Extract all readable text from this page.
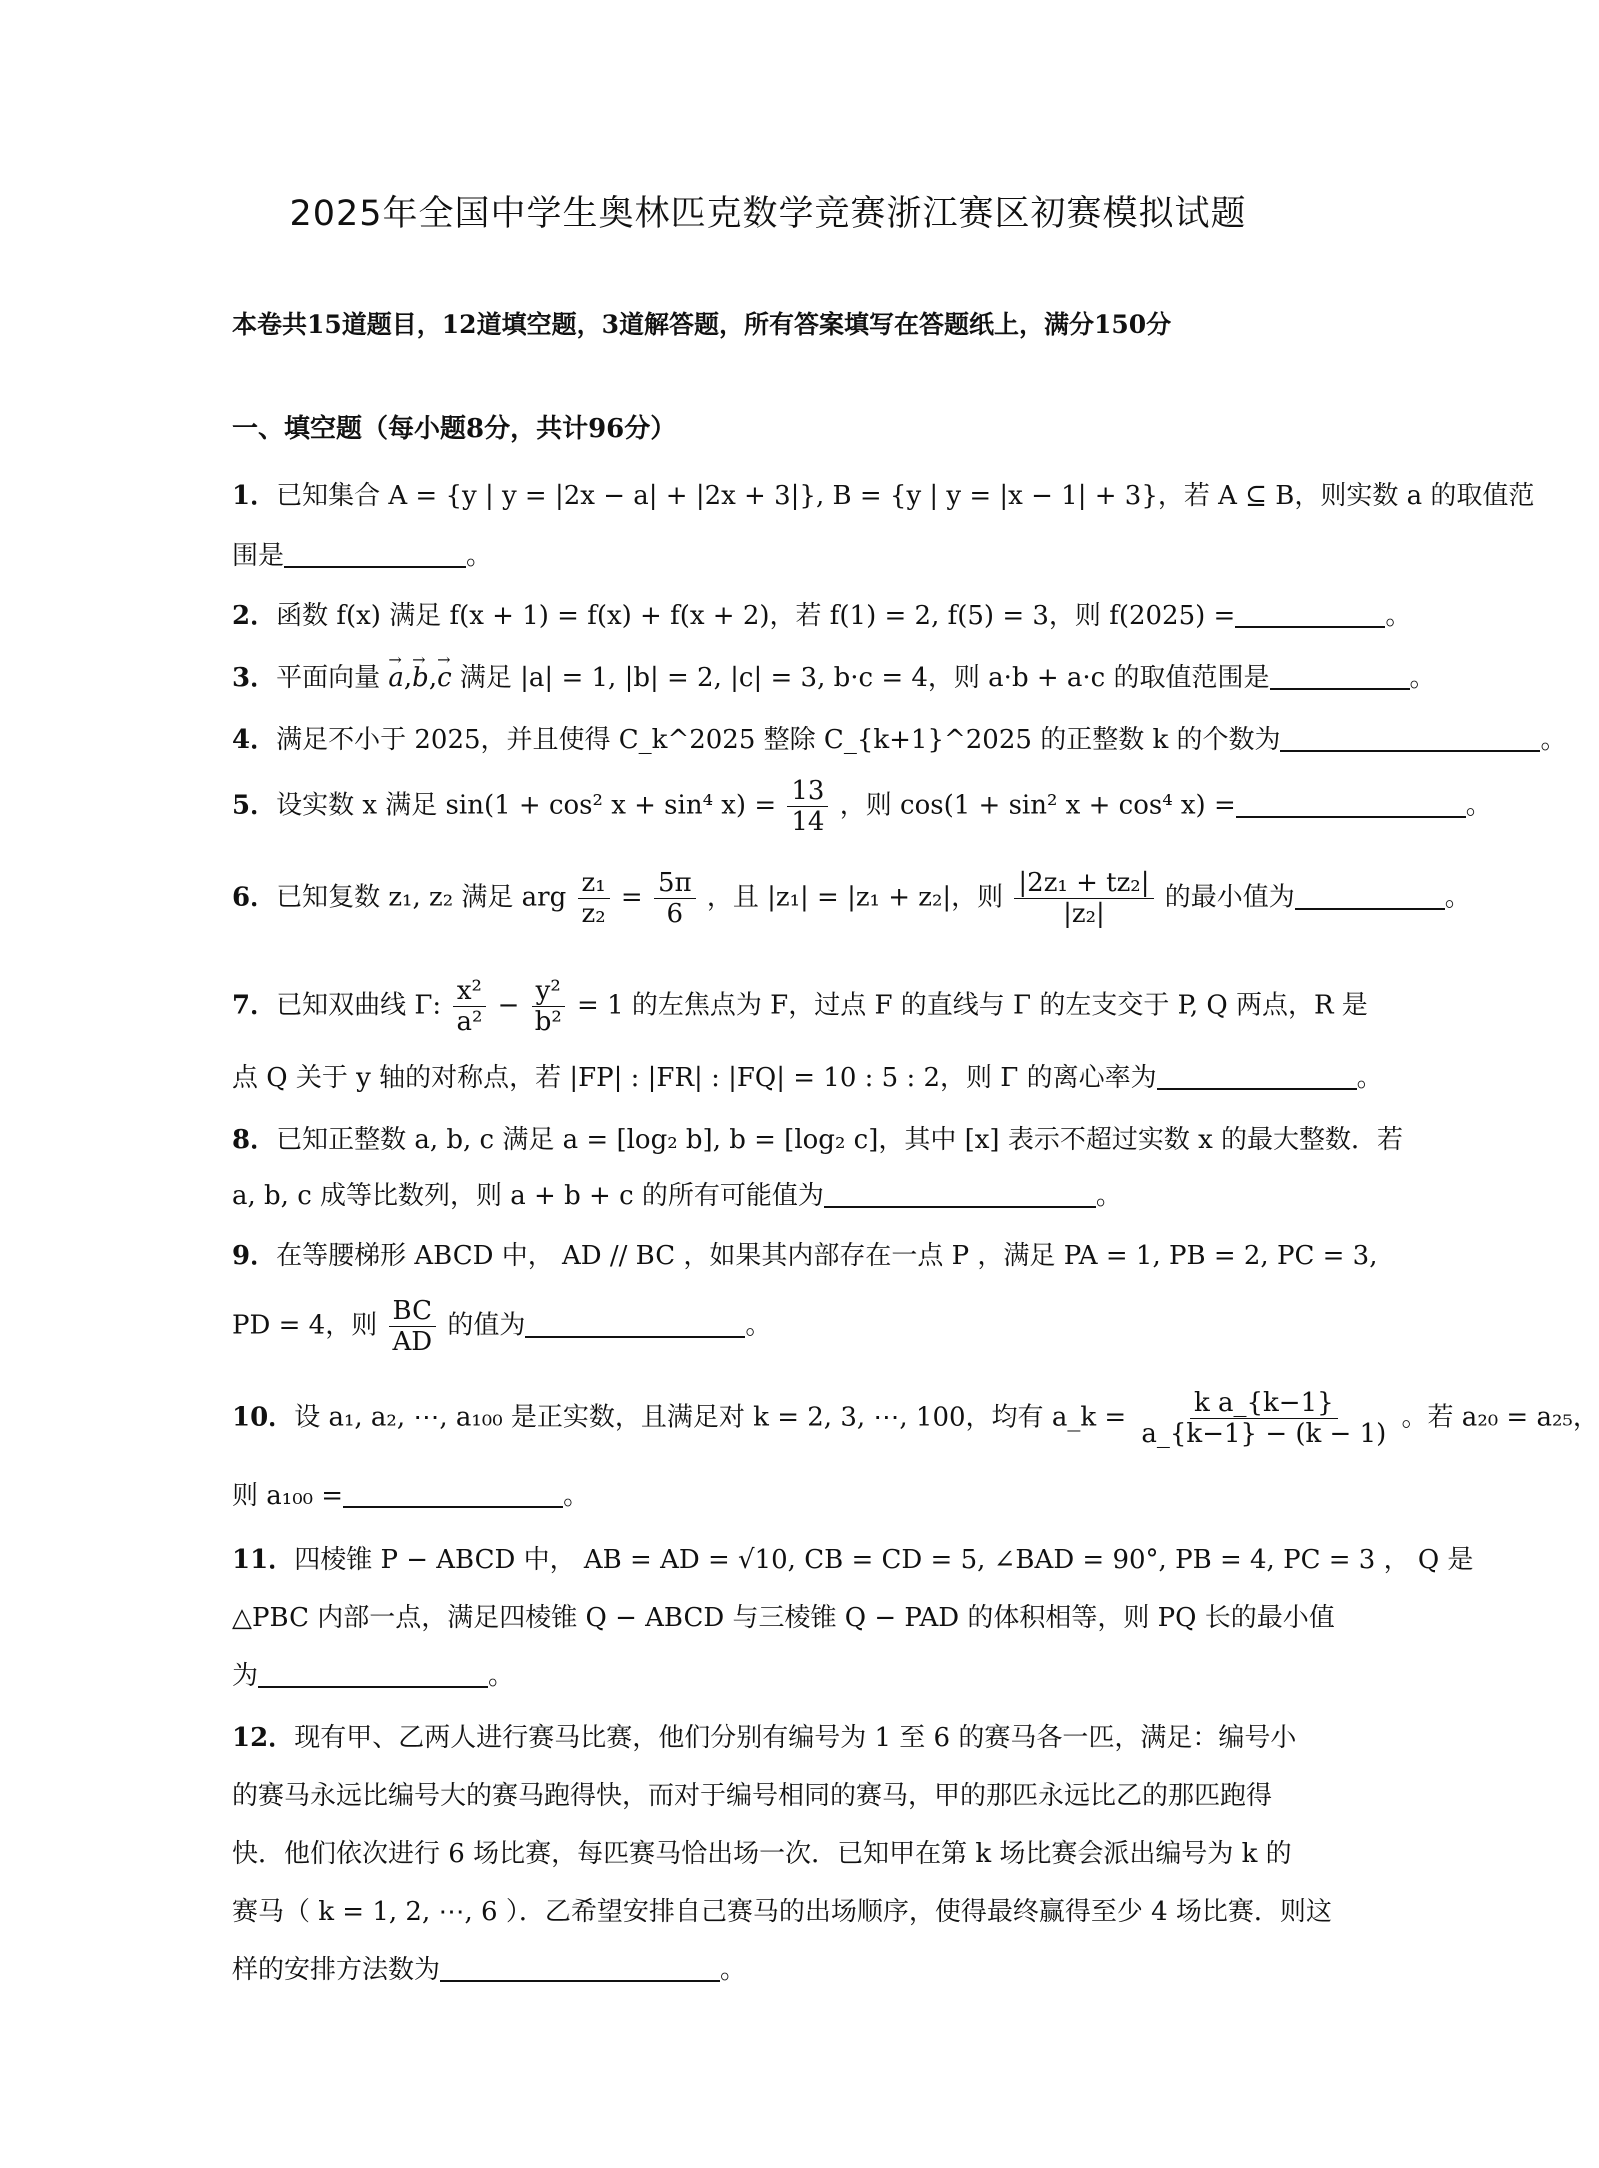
2025年全国中学生奥林匹克数学竞赛浙江赛区初赛模拟试题
本卷共15道题目，12道填空题，3道解答题，所有答案填写在答题纸上，满分150分
一、填空题（每小题8分，共计96分）
1．已知集合 A = {y | y = |2x − a| + |2x + 3|}, B = {y | y = |x − 1| + 3}，若 A ⊆ B，则实数 a 的取值范
围是	。
2．函数 f(x) 满足 f(x + 1) = f(x) + f(x + 2)，若 f(1) = 2, f(5) = 3，则 f(2025) =	。
3．平面向量 → a,→ b,→ c 满足 |a| = 1, |b| = 2, |c| = 3, b·c = 4，则 a·b + a·c 的取值范围是	。
4．满足不小于 2025，并且使得 C_k^2025 整除 C_{k+1}^2025 的正整数 k 的个数为	。
5．设实数 x 满足 sin(1 + cos² x + sin⁴ $x) = \frac{13}{14}$ ，则 cos(1 + sin² x + cos⁴ x) =	。
6．已知复数 z₁, z₂ 满足 arg $\frac{\text{z₁}}{\text{z₂}} = \frac{5\pi}{6}$ ，且 |z₁| = |z₁ + z₂|，则 $\frac{\text{|2z₁ + tz₂|}}{\text{|z₂|}}$ 的最小值为	。
7．已知双曲线 Γ: $\frac{\text{x²}}{\text{a²}} - \frac{\text{y²}}{\text{b²}} = 1$ 的左焦点为 F，过点 F 的直线与 Γ 的左支交于 P, Q 两点，R 是
点 Q 关于 y 轴的对称点，若 |FP| : |FR| : |FQ| = 10 : 5 : 2，则 Γ 的离心率为	。
8．已知正整数 a, b, c 满足 a = [log₂ b], b = [log₂ c]，其中 [x] 表示不超过实数 x 的最大整数．若
a, b, c 成等比数列，则 a + b + c 的所有可能值为	。
9．在等腰梯形 ABCD 中， AD // BC ，如果其内部存在一点 P ，满足 PA = 1, PB = 2, PC = 3,
PD = 4，则 $\frac{BC}{AD}$ 的值为	。
10．设 a₁, a₂, ⋯, a₁₀₀ 是正实数，且满足对 k = 2, 3, ⋯, 100，均有 a_k = $\frac{\text{k a\_\{k−1\}}}{a\_\{k-1\} - (k - 1)}$ 。若 a₂₀ = a₂₅，
则 a₁₀₀ =	。
11．四棱锥 P − ABCD 中， AB = AD = √10, CB = CD = 5, ∠BAD = 90°, PB = 4, PC = 3 ， Q 是
△PBC 内部一点，满足四棱锥 Q − ABCD 与三棱锥 Q − PAD 的体积相等，则 PQ 长的最小值
为	。
12．现有甲、乙两人进行赛马比赛，他们分别有编号为 1 至 6 的赛马各一匹，满足：编号小
的赛马永远比编号大的赛马跑得快，而对于编号相同的赛马，甲的那匹永远比乙的那匹跑得
快．他们依次进行 6 场比赛，每匹赛马恰出场一次．已知甲在第 k 场比赛会派出编号为 k 的
赛马（ k = 1, 2, ⋯, 6 ）．乙希望安排自己赛马的出场顺序，使得最终赢得至少 4 场比赛．则这
样的安排方法数为	。
